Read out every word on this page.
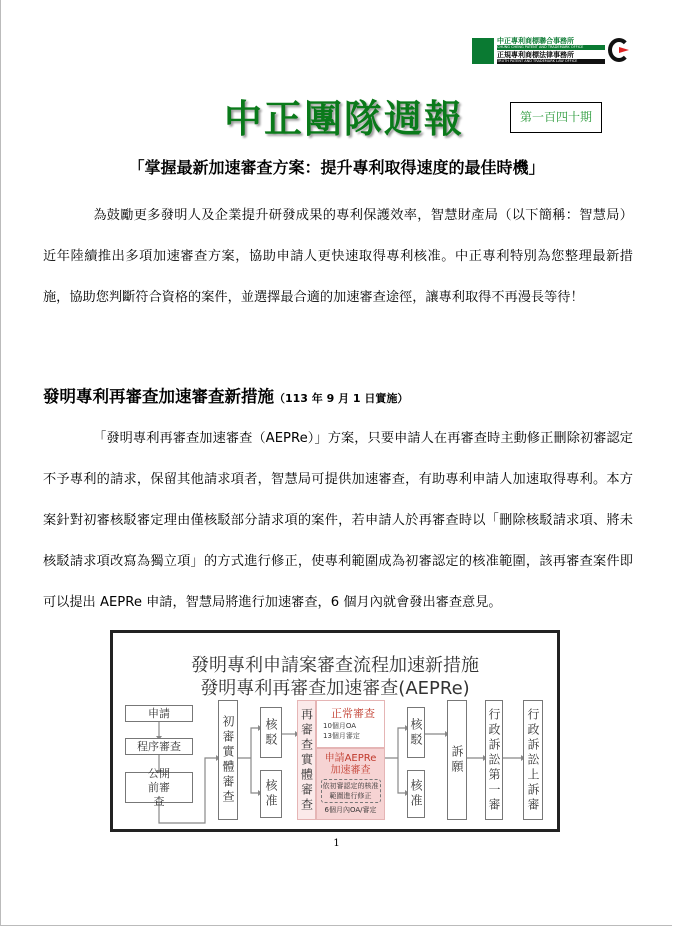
中正專利商標聯合事務所
CHUNG CHENG PATENT AND TRADEMARK OFFICE
正規專利商標法律事務所
TRUTH PATENT AND TRADEMARK LAW OFFICE
中正團隊週報	第一百四十期
「掌握最新加速審查方案：提升專利取得速度的最佳時機」
為鼓勵更多發明人及企業提升研發成果的專利保護效率，智慧財產局（以下簡稱：智慧局）近年陸續推出多項加速審查方案，協助申請人更快速取得專利核准。中正專利特別為您整理最新措施，協助您判斷符合資格的案件，並選擇最合適的加速審查途徑，讓專利取得不再漫長等待！
發明專利再審查加速審查新措施（113 年 9 月 1 日實施）
「發明專利再審查加速審查（AEPRe）」方案，只要申請人在再審查時主動修正刪除初審認定不予專利的請求，保留其他請求項者，智慧局可提供加速審查，有助專利申請人加速取得專利。本方案針對初審核駁審定理由僅核駁部分請求項的案件，若申請人於再審查時以「刪除核駁請求項、將未核駁請求項改寫為獨立項」的方式進行修正，使專利範圍成為初審認定的核准範圍，該再審查案件即可以提出 AEPRe 申請，智慧局將進行加速審查，6 個月內就會發出審查意見。
發明專利申請案審查流程加速新措施
發明專利再審查加速審查(AEPRe)
申請
程序審查
公開前審查	初審實體審查	核駁
核准	再審查實體審查 正常審查
10個月OA
13個月審定
申請AEPRe
加速審查
依初審認定的核准範圍進行修正
6個月內OA/審定
核駁
核准
訴願 行政訴訟第一審 行政訴訟上訴審
1
